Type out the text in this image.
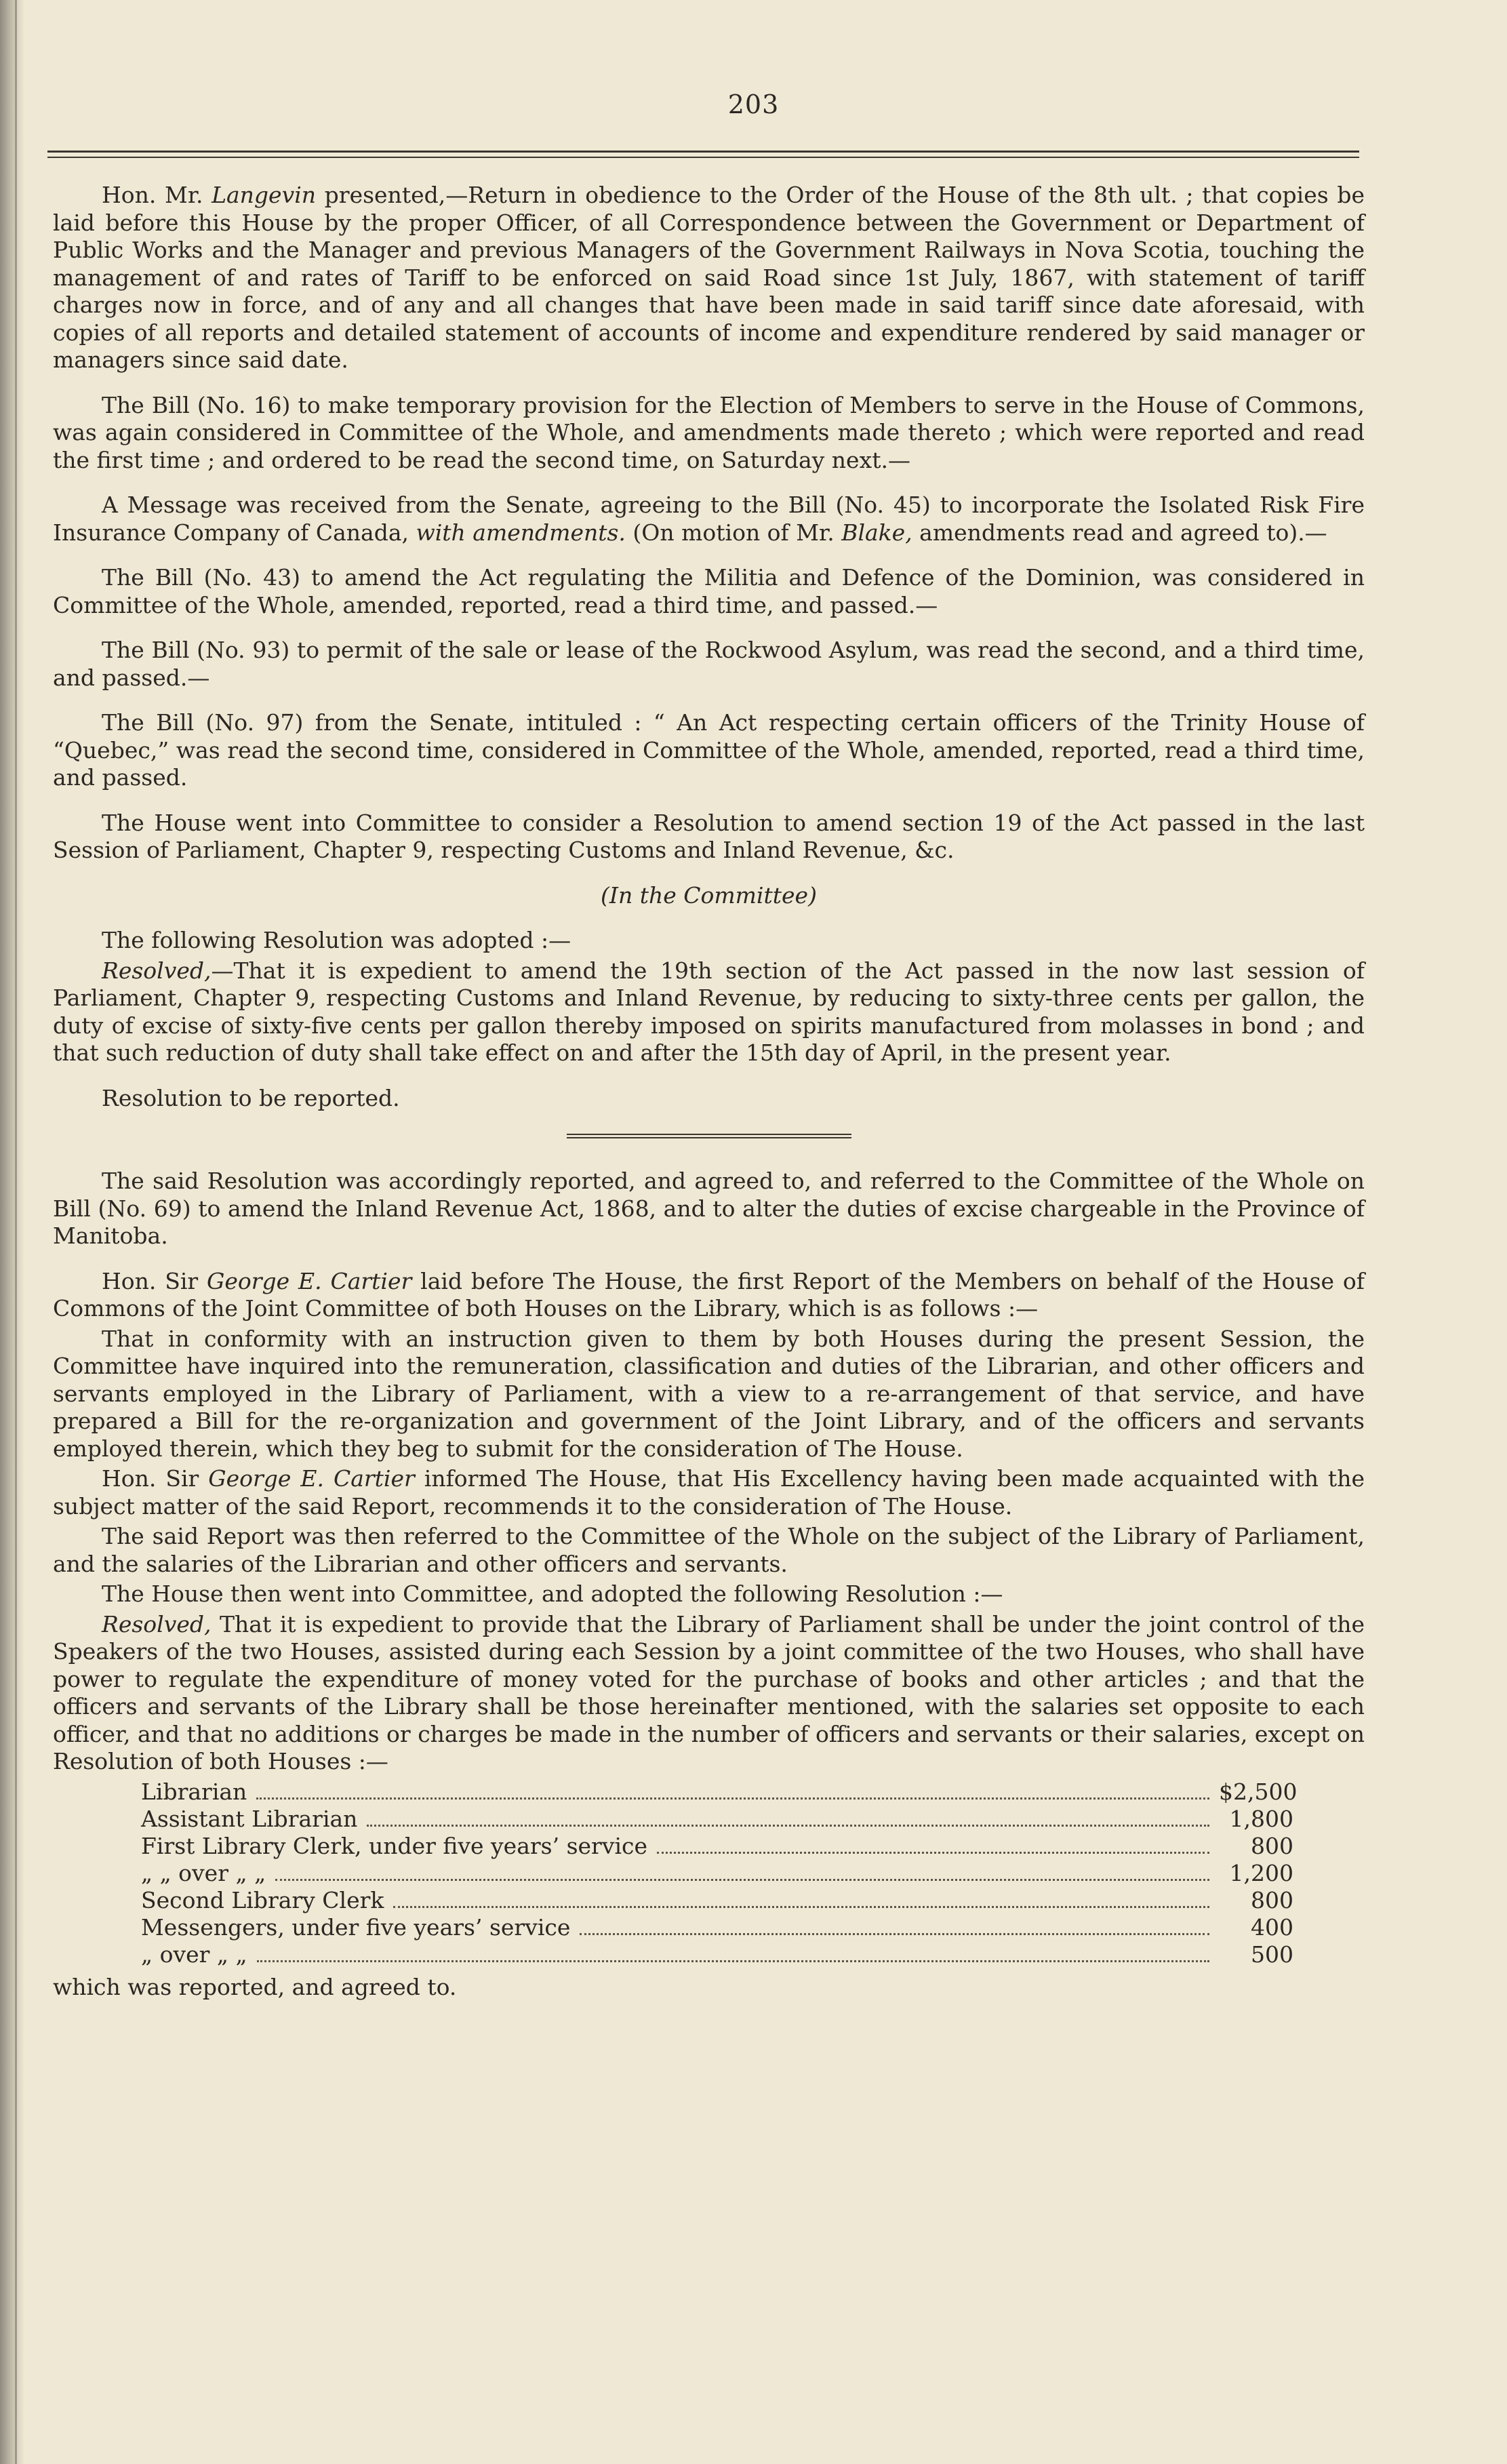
203

Hon. Mr. Langevin presented,—Return in obedience to the Order of the House of the 8th ult. ; that copies be laid before this House by the proper Officer, of all Correspondence between the Government or Department of Public Works and the Manager and previous Managers of the Government Railways in Nova Scotia, touching the management of and rates of Tariff to be enforced on said Road since 1st July, 1867, with statement of tariff charges now in force, and of any and all changes that have been made in said tariff since date aforesaid, with copies of all reports and detailed statement of accounts of income and expenditure rendered by said manager or managers since said date.

The Bill (No. 16) to make temporary provision for the Election of Members to serve in the House of Commons, was again considered in Committee of the Whole, and amendments made thereto ; which were reported and read the first time ; and ordered to be read the second time, on Saturday next.—

A Message was received from the Senate, agreeing to the Bill (No. 45) to incorporate the Isolated Risk Fire Insurance Company of Canada, with amendments. (On motion of Mr. Blake, amendments read and agreed to).—

The Bill (No. 43) to amend the Act regulating the Militia and Defence of the Dominion, was considered in Committee of the Whole, amended, reported, read a third time, and passed.—

The Bill (No. 93) to permit of the sale or lease of the Rockwood Asylum, was read the second, and a third time, and passed.—

The Bill (No. 97) from the Senate, intituled : “ An Act respecting certain officers of the Trinity House of “Quebec,” was read the second time, considered in Committee of the Whole, amended, reported, read a third time, and passed.

The House went into Committee to consider a Resolution to amend section 19 of the Act passed in the last Session of Parliament, Chapter 9, respecting Customs and Inland Revenue, &c.

(In the Committee)

The following Resolution was adopted :—

Resolved,—That it is expedient to amend the 19th section of the Act passed in the now last session of Parliament, Chapter 9, respecting Customs and Inland Revenue, by reducing to sixty-three cents per gallon, the duty of excise of sixty-five cents per gallon thereby imposed on spirits manufactured from molasses in bond ; and that such reduction of duty shall take effect on and after the 15th day of April, in the present year.

Resolution to be reported.

The said Resolution was accordingly reported, and agreed to, and referred to the Committee of the Whole on Bill (No. 69) to amend the Inland Revenue Act, 1868, and to alter the duties of excise chargeable in the Province of Manitoba.

Hon. Sir George E. Cartier laid before The House, the first Report of the Members on behalf of the House of Commons of the Joint Committee of both Houses on the Library, which is as follows :—

That in conformity with an instruction given to them by both Houses during the present Session, the Committee have inquired into the remuneration, classification and duties of the Librarian, and other officers and servants employed in the Library of Parliament, with a view to a re-arrangement of that service, and have prepared a Bill for the re-organization and government of the Joint Library, and of the officers and servants employed therein, which they beg to submit for the consideration of The House.

Hon. Sir George E. Cartier informed The House, that His Excellency having been made acquainted with the subject matter of the said Report, recommends it to the consideration of The House.

The said Report was then referred to the Committee of the Whole on the subject of the Library of Parliament, and the salaries of the Librarian and other officers and servants.

The House then went into Committee, and adopted the following Resolution :—

Resolved, That it is expedient to provide that the Library of Parliament shall be under the joint control of the Speakers of the two Houses, assisted during each Session by a joint committee of the two Houses, who shall have power to regulate the expenditure of money voted for the purchase of books and other articles ; and that the officers and servants of the Library shall be those hereinafter mentioned, with the salaries set opposite to each officer, and that no additions or charges be made in the number of officers and servants or their salaries, except on Resolution of both Houses :—

Librarian	$2,500
Assistant Librarian	1,800
First Library Clerk, under five years’ service	800
„ „ over „ „	1,200
Second Library Clerk	800
Messengers, under five years’ service	400
„ over „ „	500

which was reported, and agreed to.
